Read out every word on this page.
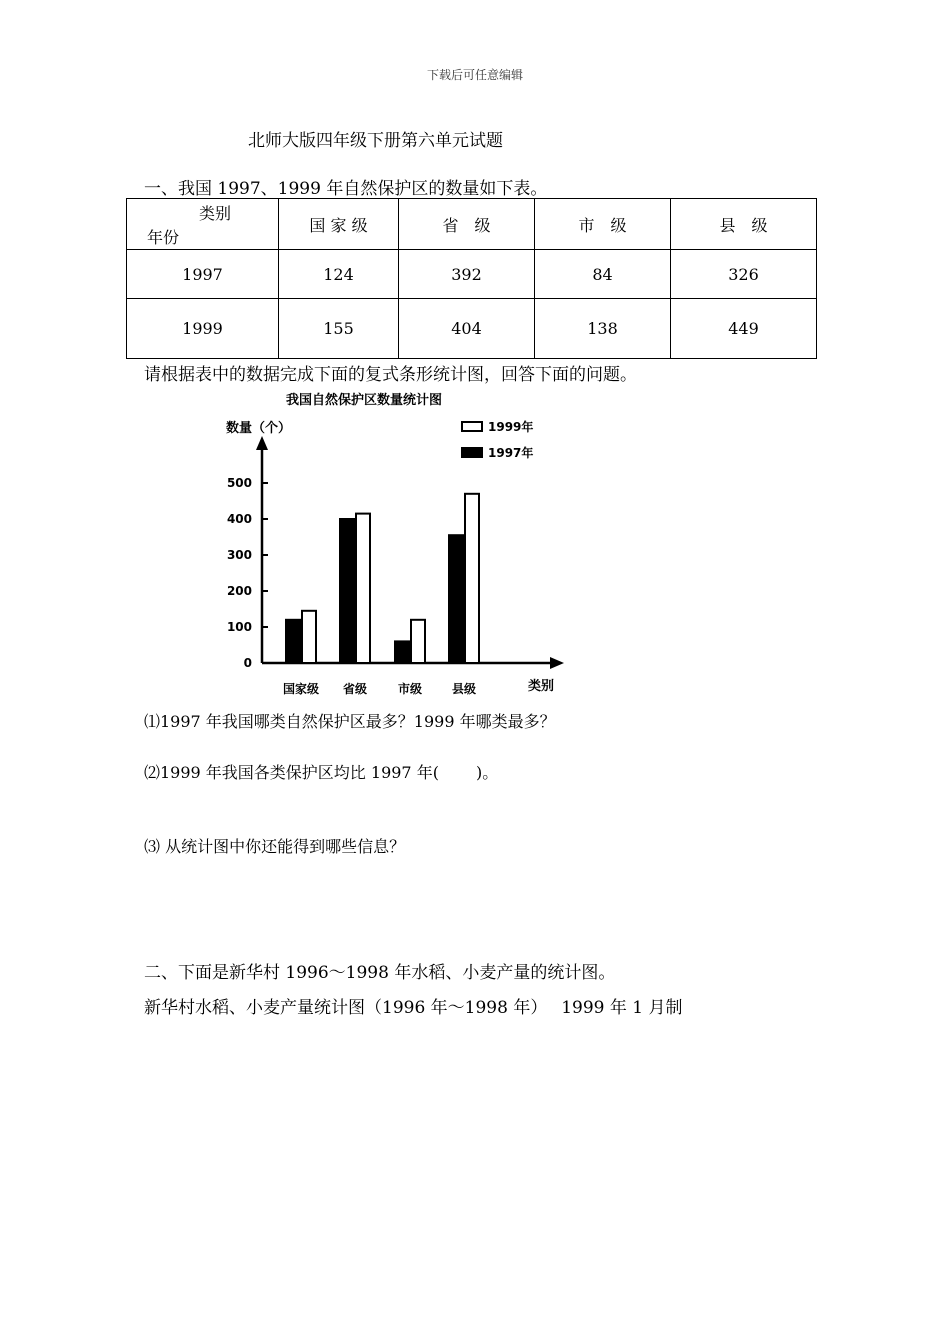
下载后可任意编辑
北师大版四年级下册第六单元试题
一、我国 1997、1999 年自然保护区的数量如下表。
类别
年份	国 家 级	省　级	市　级	县　级
1997	124	392	84	326
1999	155	404	138	449
请根据表中的数据完成下面的复式条形统计图，回答下面的问题。
我国自然保护区数量统计图
数量（个）
类别
0
100
200
300
400
500
国家级 省级	市级 县级
1999年
1997年
⑴1997 年我国哪类自然保护区最多？1999 年哪类最多？
⑵1999 年我国各类保护区均比 1997 年(　　 )。
⑶ 从统计图中你还能得到哪些信息？
二、下面是新华村 1996～1998 年水稻、小麦产量的统计图。
新华村水稻、小麦产量统计图（1996 年～1998 年）　 1999 年 1 月制
